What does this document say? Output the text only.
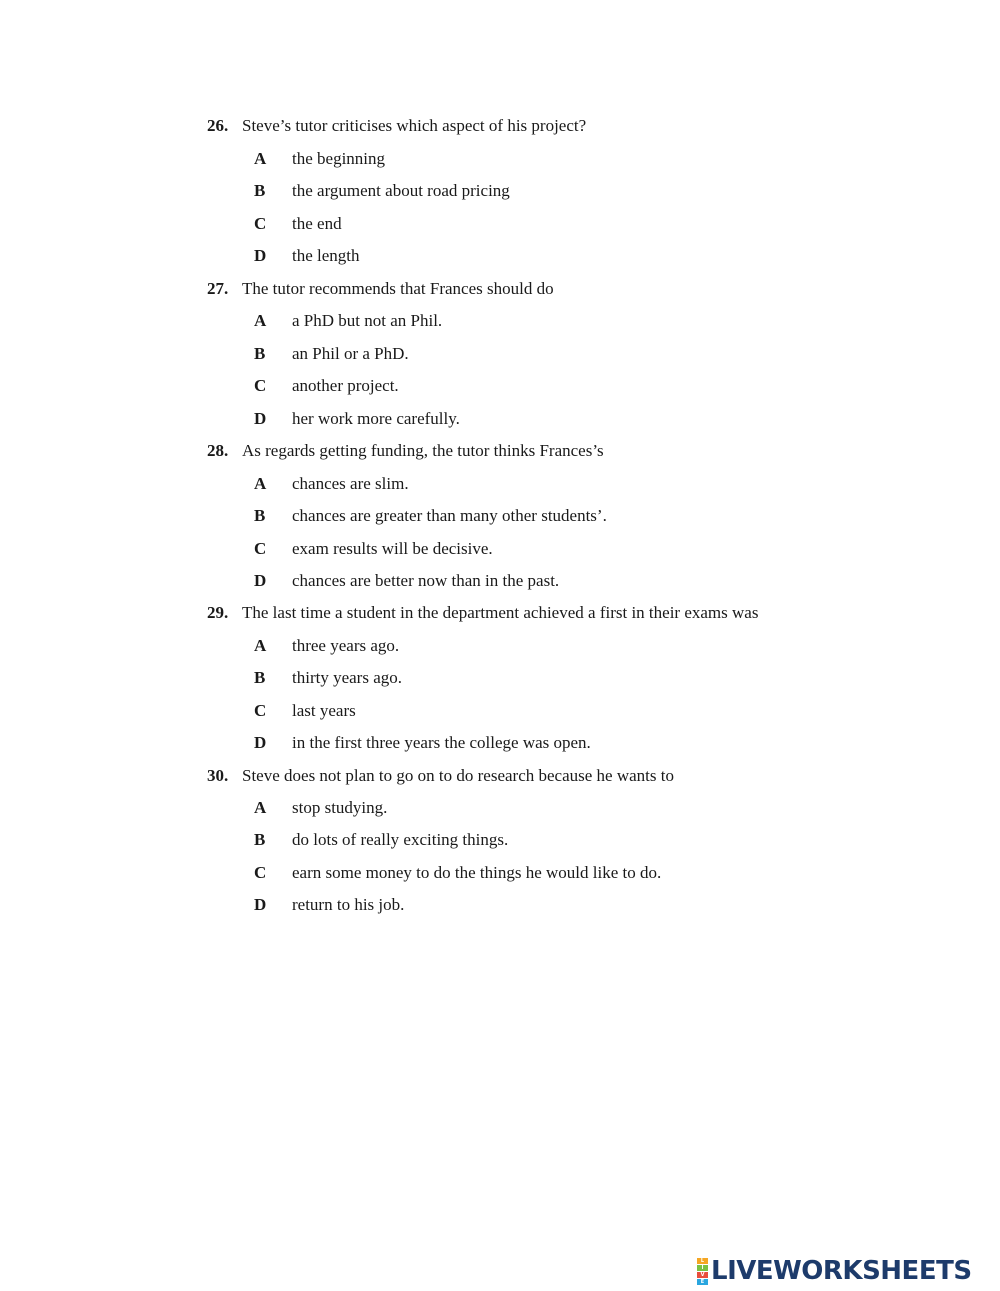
26. Steve’s tutor criticises which aspect of his project?
A the beginning
B the argument about road pricing
C the end
D the length
27. The tutor recommends that Frances should do
A a PhD but not an Phil.
B an Phil or a PhD.
C another project.
D her work more carefully.
28. As regards getting funding, the tutor thinks Frances’s
A chances are slim.
B chances are greater than many other students’.
C exam results will be decisive.
D chances are better now than in the past.
29. The last time a student in the department achieved a first in their exams was
A three years ago.
B thirty years ago.
C last years
D in the first three years the college was open.
30. Steve does not plan to go on to do research because he wants to
A stop studying.
B do lots of really exciting things.
C earn some money to do the things he would like to do.
D return to his job.
L
I
V
E LIVEWORKSHEETS
